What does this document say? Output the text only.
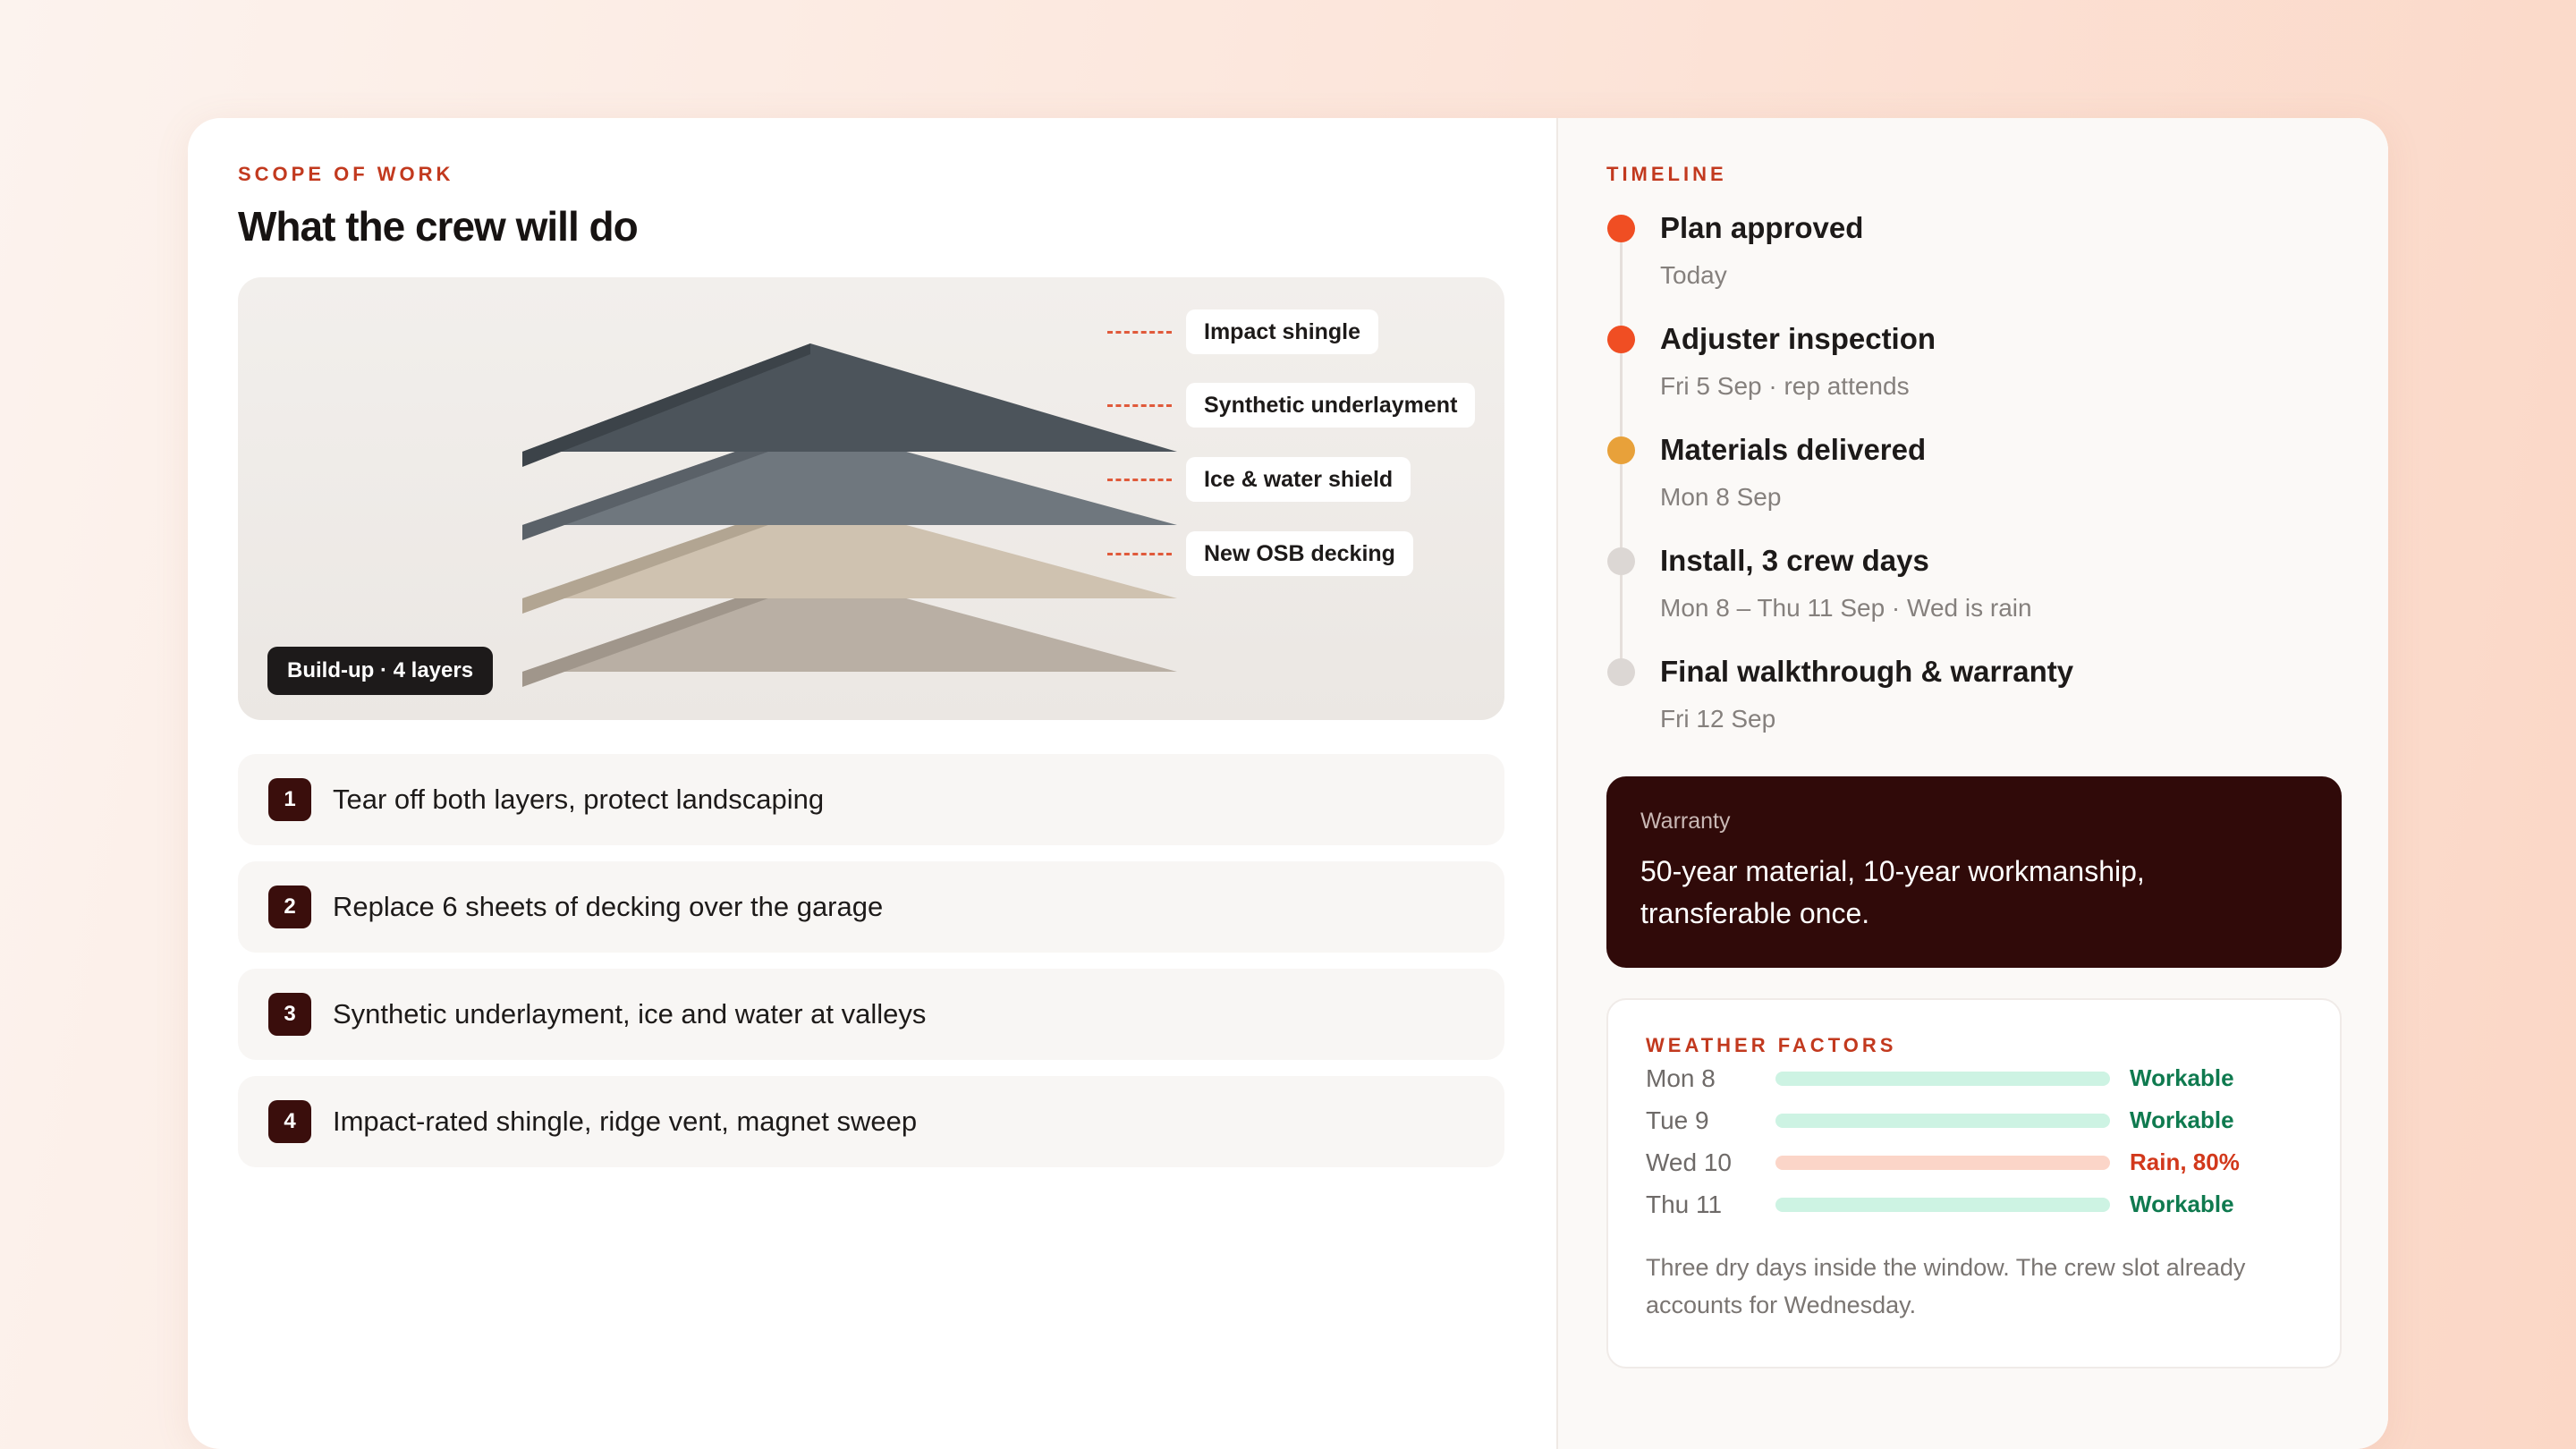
SCOPE OF WORK
What the crew will do
Impact shingle
Synthetic underlayment
Ice & water shield
New OSB decking
Build-up · 4 layers
1	Tear off both layers, protect landscaping
2	Replace 6 sheets of decking over the garage
3	Synthetic underlayment, ice and water at valleys
4	Impact-rated shingle, ridge vent, magnet sweep
TIMELINE
Plan approved
Today
Adjuster inspection
Fri 5 Sep · rep attends
Materials delivered
Mon 8 Sep
Install, 3 crew days
Mon 8 – Thu 11 Sep · Wed is rain
Final walkthrough & warranty
Fri 12 Sep
Warranty
50-year material, 10-year workmanship, transferable once.
WEATHER FACTORS
Mon 8	Workable
Tue 9	Workable
Wed 10	Rain, 80%
Thu 11	Workable
Three dry days inside the window. The crew slot already accounts for Wednesday.
